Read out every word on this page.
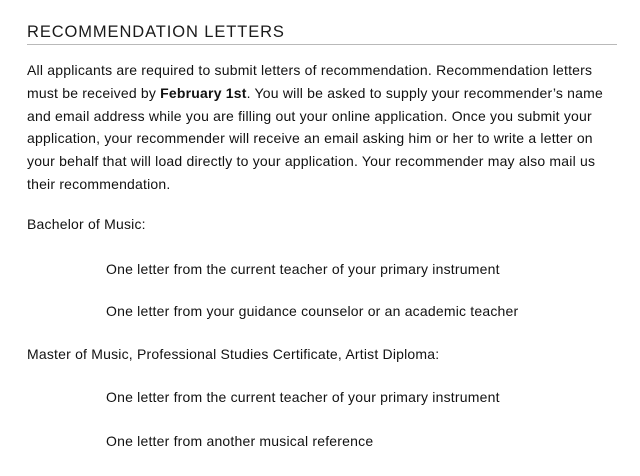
RECOMMENDATION LETTERS

All applicants are required to submit letters of recommendation. Recommendation letters must be received by February 1st. You will be asked to supply your recommender’s name and email address while you are filling out your online application. Once you submit your application, your recommender will receive an email asking him or her to write a letter on your behalf that will load directly to your application. Your recommender may also mail us their recommendation.

Bachelor of Music:

One letter from the current teacher of your primary instrument

One letter from your guidance counselor or an academic teacher

Master of Music, Professional Studies Certificate, Artist Diploma:

One letter from the current teacher of your primary instrument

One letter from another musical reference
